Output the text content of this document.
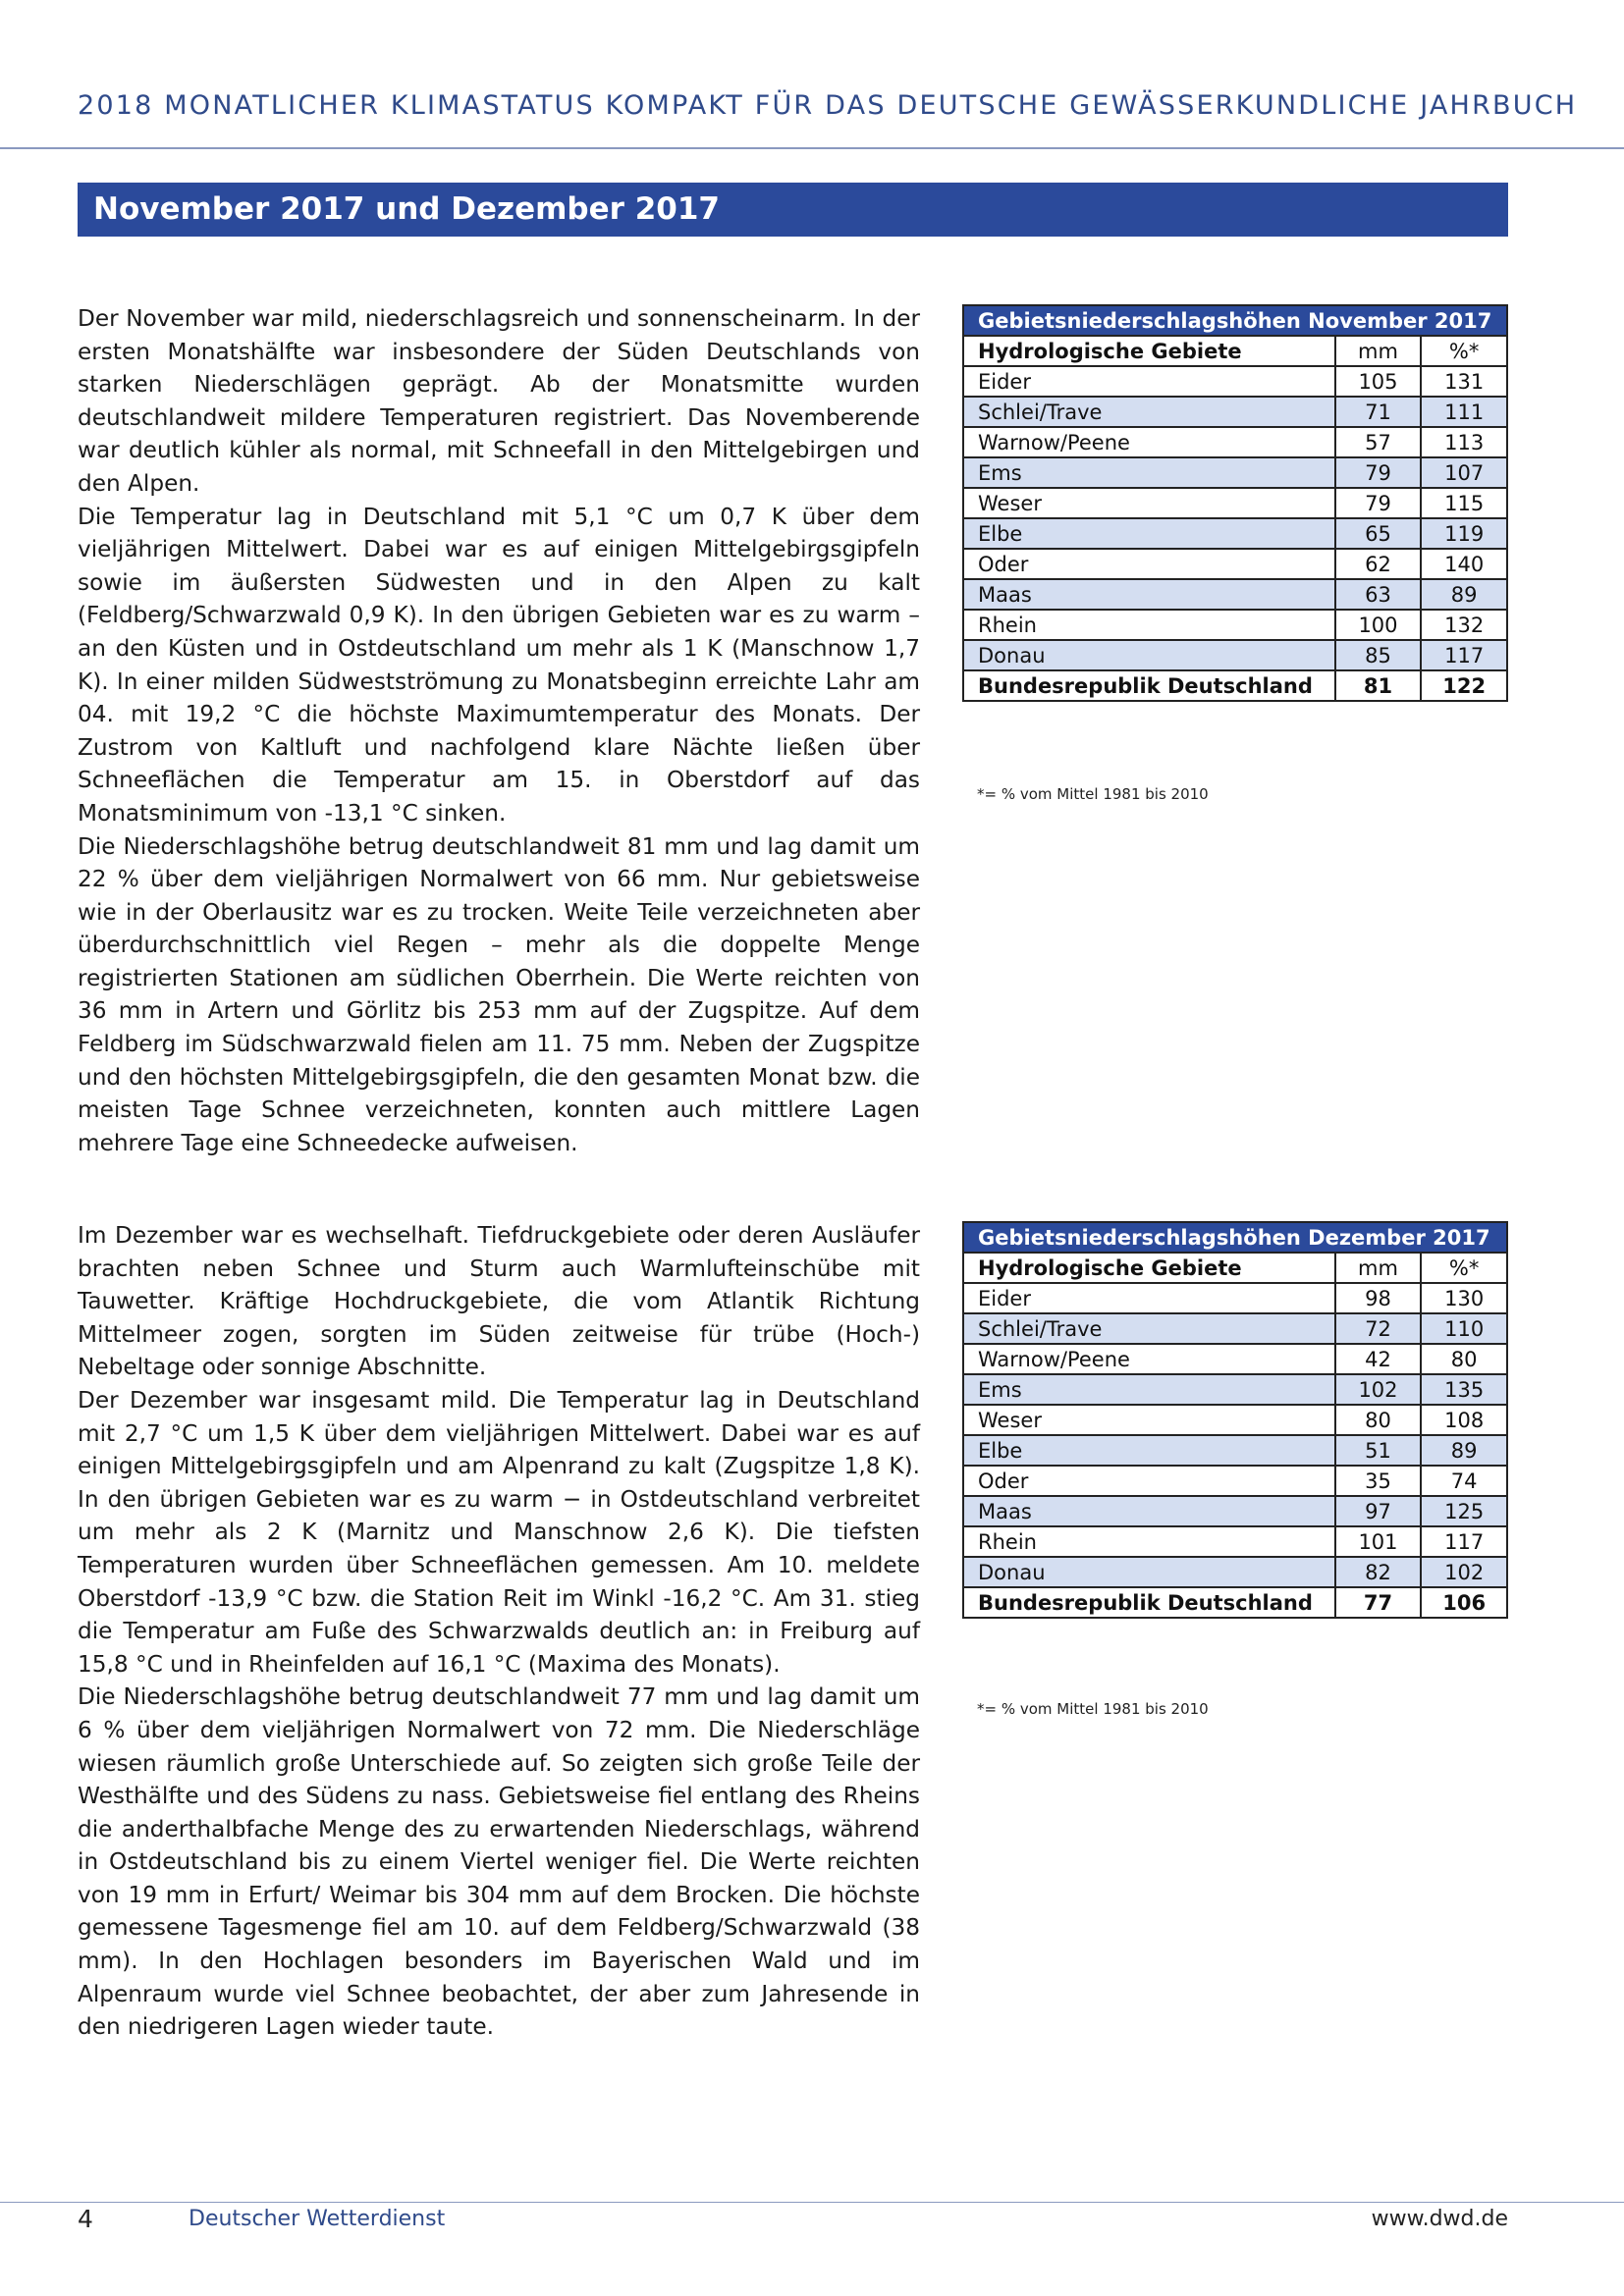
2018 MONATLICHER KLIMASTATUS KOMPAKT FÜR DAS DEUTSCHE GEWÄSSERKUNDLICHE JAHRBUCH
November 2017 und Dezember 2017

Der November war mild, niederschlagsreich und sonnenscheinarm. In der ersten Monatshälfte war insbesondere der Süden Deutschlands von starken Niederschlägen geprägt. Ab der Monatsmitte wurden deutschlandweit mildere Temperaturen registriert. Das Novemberende war deutlich kühler als normal, mit Schneefall in den Mittelgebirgen und den Alpen.

Die Temperatur lag in Deutschland mit 5,1 °C um 0,7 K über dem vieljährigen Mittelwert. Dabei war es auf einigen Mittelgebirgsgipfeln sowie im äußersten Südwesten und in den Alpen zu kalt (Feldberg/Schwarzwald 0,9 K). In den übrigen Gebieten war es zu warm – an den Küsten und in Ostdeutschland um mehr als 1 K (Manschnow 1,7 K). In einer milden Südwestströmung zu Monatsbeginn erreichte Lahr am 04. mit 19,2 °C die höchste Maximumtemperatur des Monats. Der Zustrom von Kaltluft und nachfolgend klare Nächte ließen über Schneeflächen die Temperatur am 15. in Oberstdorf auf das Monatsminimum von -13,1 °C sinken.

Die Niederschlagshöhe betrug deutschlandweit 81 mm und lag damit um 22 % über dem vieljährigen Normalwert von 66 mm. Nur gebietsweise wie in der Oberlausitz war es zu trocken. Weite Teile verzeichneten aber überdurchschnittlich viel Regen – mehr als die doppelte Menge registrierten Stationen am südlichen Oberrhein. Die Werte reichten von 36 mm in Artern und Görlitz bis 253 mm auf der Zugspitze. Auf dem Feldberg im Südschwarzwald fielen am 11. 75 mm. Neben der Zugspitze und den höchsten Mittelgebirgsgipfeln, die den gesamten Monat bzw. die meisten Tage Schnee verzeichneten, konnten auch mittlere Lagen mehrere Tage eine Schneedecke aufweisen.

Gebietsniederschlagshöhen November 2017		
Hydrologische Gebiete	mm	%*
Eider	105	131
Schlei/Trave	71	111
Warnow/Peene	57	113
Ems	79	107
Weser	79	115
Elbe	65	119
Oder	62	140
Maas	63	89
Rhein	100	132
Donau	85	117
Bundesrepublik Deutschland	81	122
*= % vom Mittel 1981 bis 2010

Im Dezember war es wechselhaft. Tiefdruckgebiete oder deren Ausläufer brachten neben Schnee und Sturm auch Warmlufteinschübe mit Tauwetter. Kräftige Hochdruckgebiete, die vom Atlantik Richtung Mittelmeer zogen, sorgten im Süden zeitweise für trübe (Hoch-) Nebeltage oder sonnige Abschnitte.

Der Dezember war insgesamt mild. Die Temperatur lag in Deutschland mit 2,7 °C um 1,5 K über dem vieljährigen Mittelwert. Dabei war es auf einigen Mittelgebirgsgipfeln und am Alpenrand zu kalt (Zugspitze 1,8 K). In den übrigen Gebieten war es zu warm − in Ostdeutschland verbreitet um mehr als 2 K (Marnitz und Manschnow 2,6 K). Die tiefsten Temperaturen wurden über Schneeflächen gemessen. Am 10. meldete Oberstdorf -13,9 °C bzw. die Station Reit im Winkl -16,2 °C. Am 31. stieg die Temperatur am Fuße des Schwarzwalds deutlich an: in Freiburg auf 15,8 °C und in Rheinfelden auf 16,1 °C (Maxima des Monats).

Die Niederschlagshöhe betrug deutschlandweit 77 mm und lag damit um 6 % über dem vieljährigen Normalwert von 72 mm. Die Niederschläge wiesen räumlich große Unterschiede auf. So zeigten sich große Teile der Westhälfte und des Südens zu nass. Gebietsweise fiel entlang des Rheins die anderthalbfache Menge des zu erwartenden Niederschlags, während in Ostdeutschland bis zu einem Viertel weniger fiel. Die Werte reichten von 19 mm in Erfurt/ Weimar bis 304 mm auf dem Brocken. Die höchste gemessene Tagesmenge fiel am 10. auf dem Feldberg/Schwarzwald (38 mm). In den Hochlagen besonders im Bayerischen Wald und im Alpenraum wurde viel Schnee beobachtet, der aber zum Jahresende in den niedrigeren Lagen wieder taute.

Gebietsniederschlagshöhen Dezember 2017		
Hydrologische Gebiete	mm	%*
Eider	98	130
Schlei/Trave	72	110
Warnow/Peene	42	80
Ems	102	135
Weser	80	108
Elbe	51	89
Oder	35	74
Maas	97	125
Rhein	101	117
Donau	82	102
Bundesrepublik Deutschland	77	106
*= % vom Mittel 1981 bis 2010
4	Deutscher Wetterdienst	www.dwd.de
